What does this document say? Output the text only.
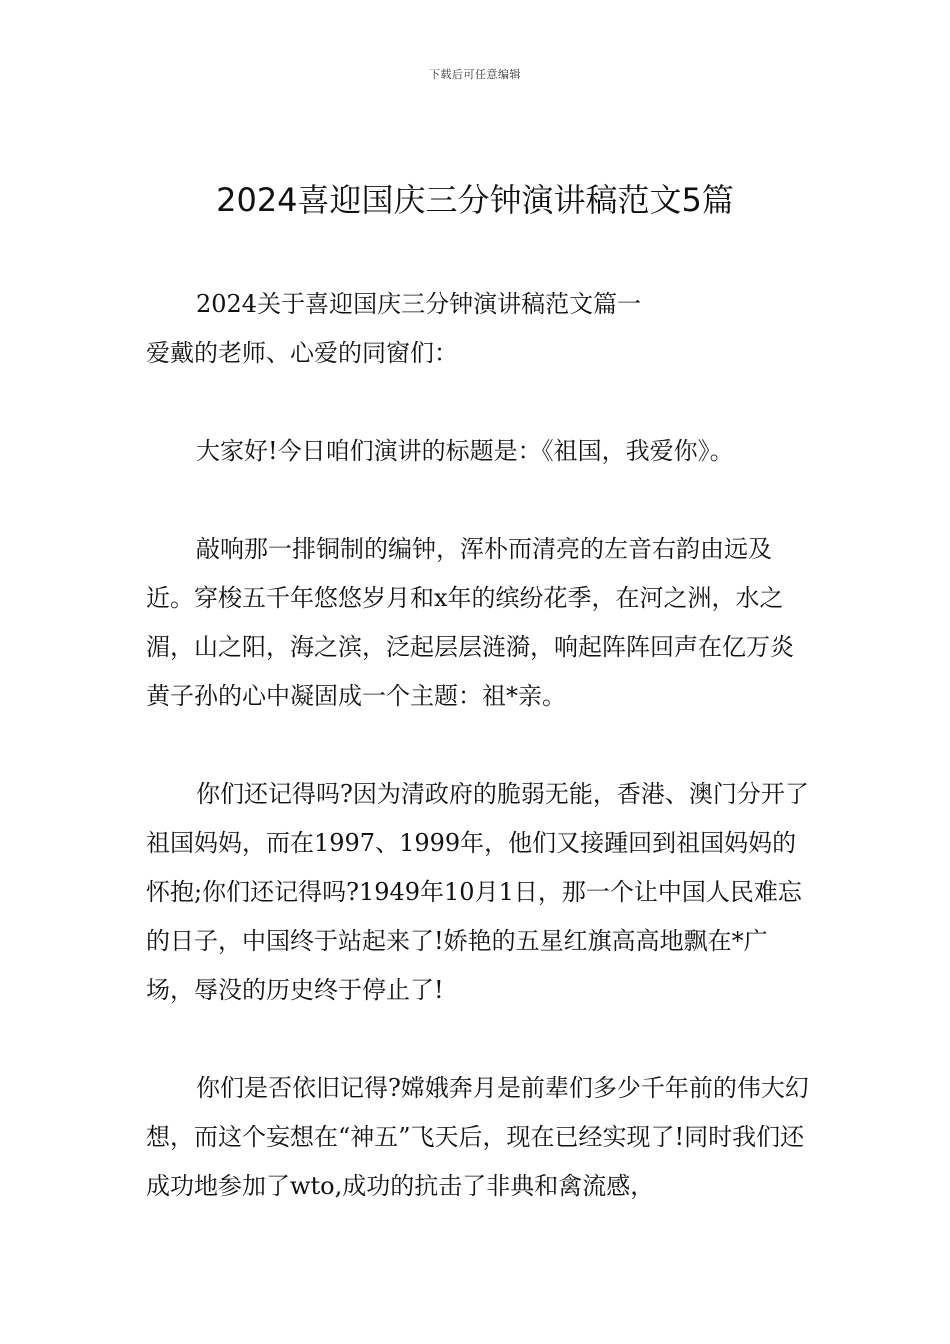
下载后可任意编辑
2024喜迎国庆三分钟演讲稿范文5篇

2024关于喜迎国庆三分钟演讲稿范文篇一

爱戴的老师、心爱的同窗们：

大家好!今日咱们演讲的标题是：《祖国，我爱你》。

敲响那一排铜制的编钟，浑朴而清亮的左音右韵由远及近。穿梭五千年悠悠岁月和x年的缤纷花季，在河之洲，水之湄，山之阳，海之滨，泛起层层涟漪，响起阵阵回声在亿万炎黄子孙的心中凝固成一个主题：祖*亲。

你们还记得吗?因为清政府的脆弱无能，香港、澳门分开了祖国妈妈，而在1997、1999年，他们又接踵回到祖国妈妈的怀抱;你们还记得吗?1949年10月1日，那一个让中国人民难忘的日子，中国终于站起来了!娇艳的五星红旗高高地飘在*广场，辱没的历史终于停止了!

你们是否依旧记得?嫦娥奔月是前辈们多少千年前的伟大幻想，而这个妄想在“神五”飞天后，现在已经实现了!同时我们还成功地参加了wto,成功的抗击了非典和禽流感，
